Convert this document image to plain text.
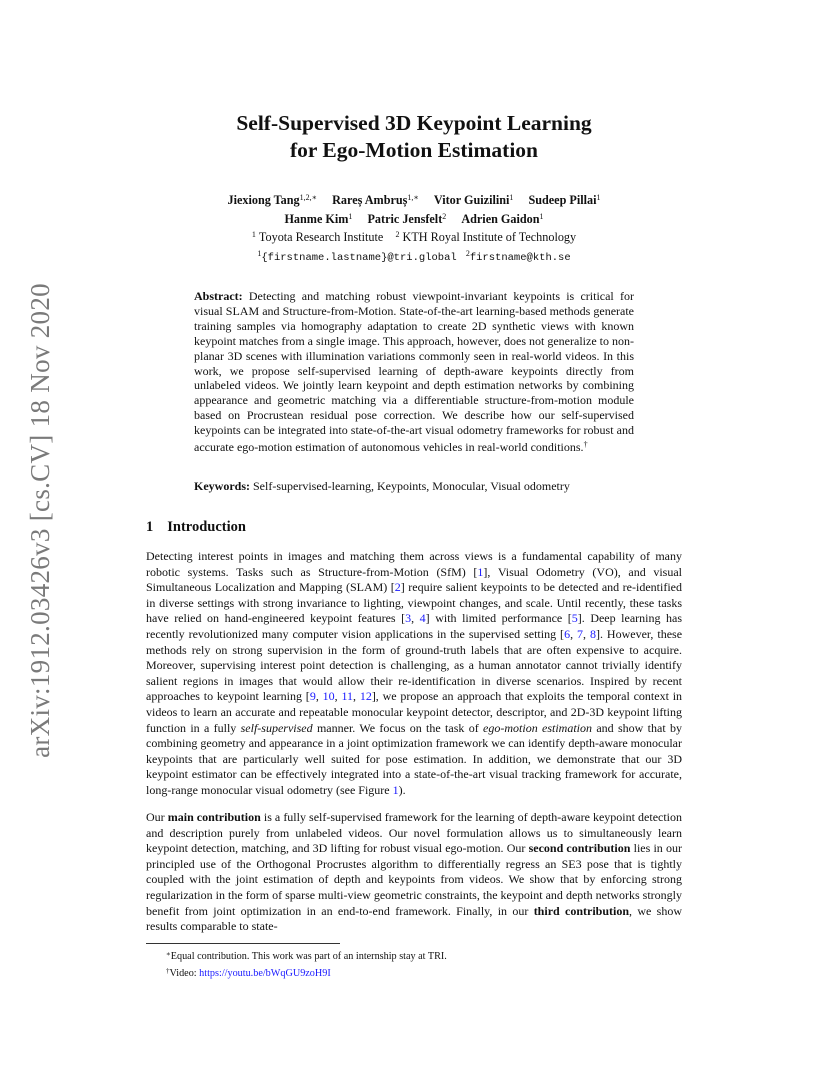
arXiv:1912.03426v3 [cs.CV] 18 Nov 2020
Self-Supervised 3D Keypoint Learning
for Ego-Motion Estimation
Jiexiong Tang$^{1,2,∗}$ Rareș Ambruș$^{1,∗}$ Vitor Guizilini$^1$ Sudeep Pillai$^1$
Hanme Kim$^1$ Patric Jensfelt$^2$ Adrien Gaidon$^1$
$^1$ Toyota Research Institute $^2$ KTH Royal Institute of Technology
$^1${firstname.lastname}@tri.global $^2$firstname@kth.se
Abstract: Detecting and matching robust viewpoint-invariant keypoints is critical for visual SLAM and Structure-from-Motion. State-of-the-art learning-based methods generate training samples via homography adaptation to create 2D synthetic views with known keypoint matches from a single image. This approach, however, does not generalize to non-planar 3D scenes with illumination variations commonly seen in real-world videos. In this work, we propose self-supervised learning of depth-aware keypoints directly from unlabeled videos. We jointly learn keypoint and depth estimation networks by combining appearance and geometric matching via a differentiable structure-from-motion module based on Procrustean residual pose correction. We describe how our self-supervised keypoints can be integrated into state-of-the-art visual odometry frameworks for robust and accurate ego-motion estimation of autonomous vehicles in real-world conditions.†
Keywords: Self-supervised-learning, Keypoints, Monocular, Visual odometry
1 Introduction

Detecting interest points in images and matching them across views is a fundamental capability of many robotic systems. Tasks such as Structure-from-Motion (SfM) [1], Visual Odometry (VO), and visual Simultaneous Localization and Mapping (SLAM) [2] require salient keypoints to be detected and re-identified in diverse settings with strong invariance to lighting, viewpoint changes, and scale. Until recently, these tasks have relied on hand-engineered keypoint features [3, 4] with limited performance [5]. Deep learning has recently revolutionized many computer vision applications in the supervised setting [6, 7, 8]. However, these methods rely on strong supervision in the form of ground-truth labels that are often expensive to acquire. Moreover, supervising interest point detection is challenging, as a human annotator cannot trivially identify salient regions in images that would allow their re-identification in diverse scenarios. Inspired by recent approaches to keypoint learning [9, 10, 11, 12], we propose an approach that exploits the temporal context in videos to learn an accurate and repeatable monocular keypoint detector, descriptor, and 2D-3D keypoint lifting function in a fully self-supervised manner. We focus on the task of ego-motion estimation and show that by combining geometry and appearance in a joint optimization framework we can identify depth-aware monocular keypoints that are particularly well suited for pose estimation. In addition, we demonstrate that our 3D keypoint estimator can be effectively integrated into a state-of-the-art visual tracking framework for accurate, long-range monocular visual odometry (see Figure 1).

Our main contribution is a fully self-supervised framework for the learning of depth-aware keypoint detection and description purely from unlabeled videos. Our novel formulation allows us to simultaneously learn keypoint detection, matching, and 3D lifting for robust visual ego-motion. Our second contribution lies in our principled use of the Orthogonal Procrustes algorithm to differentially regress an SE3 pose that is tightly coupled with the joint estimation of depth and keypoints from videos. We show that by enforcing strong regularization in the form of sparse multi-view geometric constraints, the keypoint and depth networks strongly benefit from joint optimization in an end-to-end framework. Finally, in our third contribution, we show results comparable to state-

∗Equal contribution. This work was part of an internship stay at TRI.
†Video: https://youtu.be/bWqGU9zoH9I
